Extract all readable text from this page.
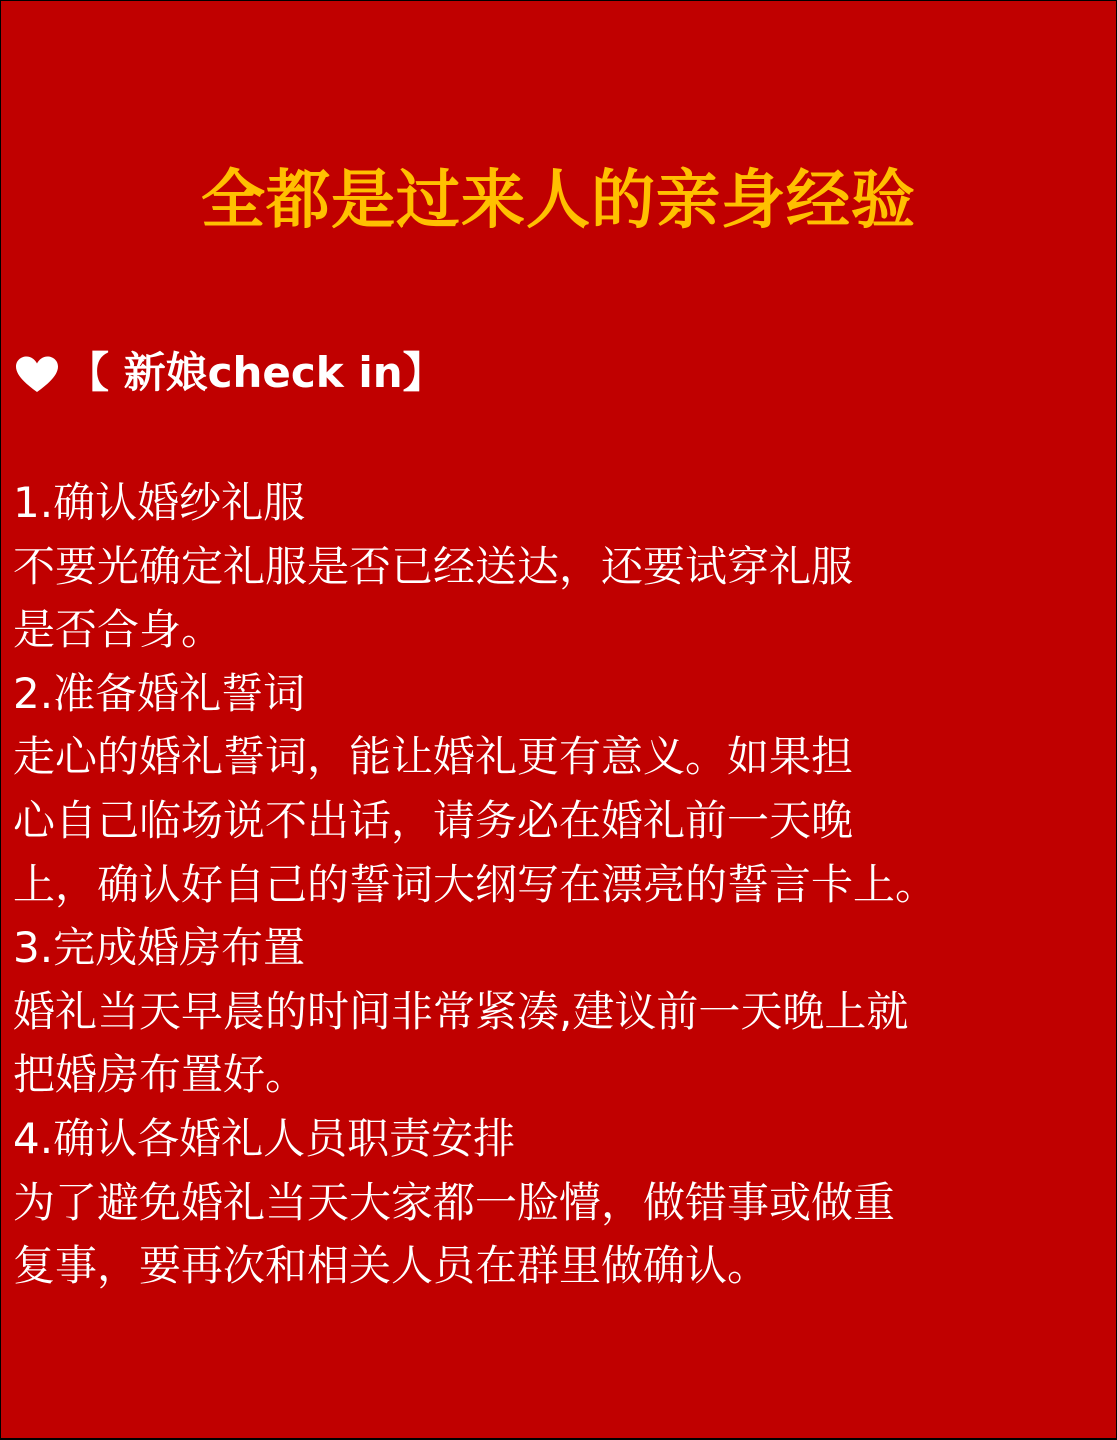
全都是过来人的亲身经验
【 新娘check in】
1.确认婚纱礼服
不要光确定礼服是否已经送达，还要试穿礼服
是否合身。
2.准备婚礼誓词
走心的婚礼誓词，能让婚礼更有意义。如果担
心自己临场说不出话，请务必在婚礼前一天晚
上，确认好自己的誓词大纲写在漂亮的誓言卡上。
3.完成婚房布置
婚礼当天早晨的时间非常紧凑,建议前一天晚上就
把婚房布置好。
4.确认各婚礼人员职责安排
为了避免婚礼当天大家都一脸懵，做错事或做重
复事，要再次和相关人员在群里做确认。
